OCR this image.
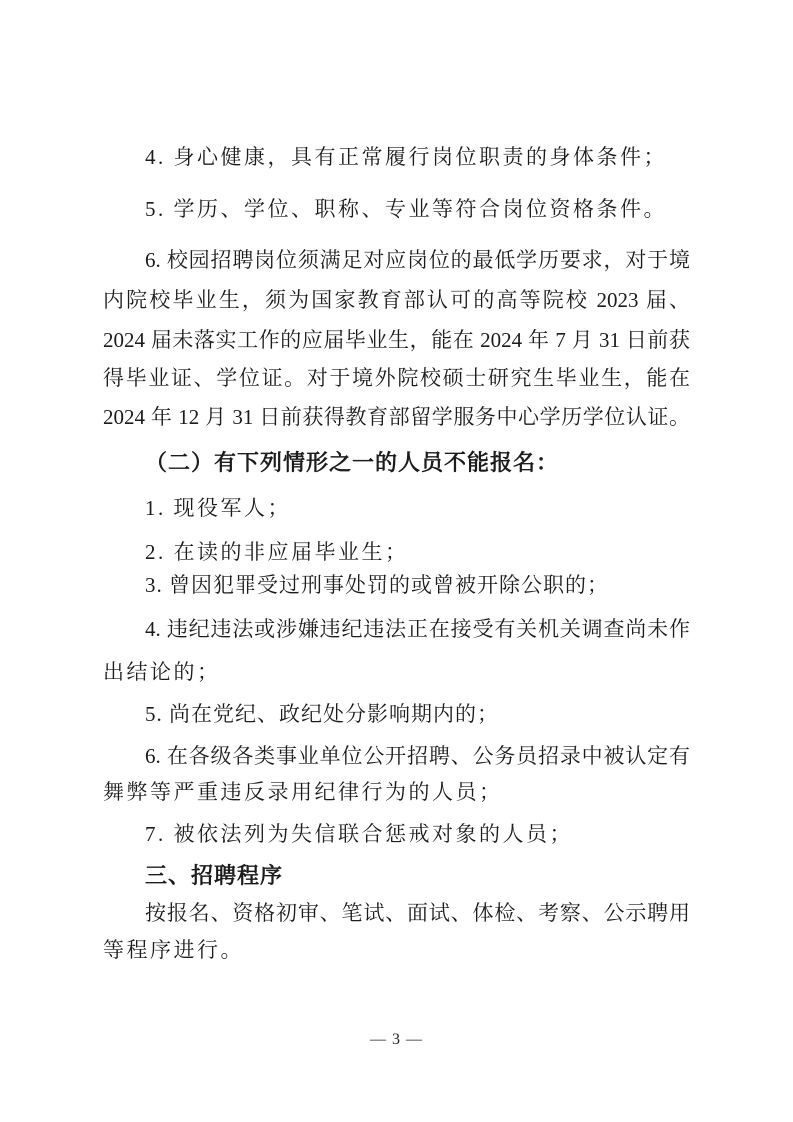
4. 身心健康，具有正常履行岗位职责的身体条件；
5. 学历、学位、职称、专业等符合岗位资格条件。
6. 校园招聘岗位须满足对应岗位的最低学历要求，对于境
内院校毕业生，须为国家教育部认可的高等院校 2023 届、
2024 届未落实工作的应届毕业生，能在 2024 年 7 月 31 日前获
得毕业证、学位证。对于境外院校硕士研究生毕业生，能在
2024 年 12 月 31 日前获得教育部留学服务中心学历学位认证。
（二）有下列情形之一的人员不能报名：
1. 现役军人；
2. 在读的非应届毕业生；
3. 曾因犯罪受过刑事处罚的或曾被开除公职的；
4. 违纪违法或涉嫌违纪违法正在接受有关机关调查尚未作
出结论的；
5. 尚在党纪、政纪处分影响期内的；
6. 在各级各类事业单位公开招聘、公务员招录中被认定有
舞弊等严重违反录用纪律行为的人员；
7. 被依法列为失信联合惩戒对象的人员；
三、招聘程序
按报名、资格初审、笔试、面试、体检、考察、公示聘用
等程序进行。
— 3 —
